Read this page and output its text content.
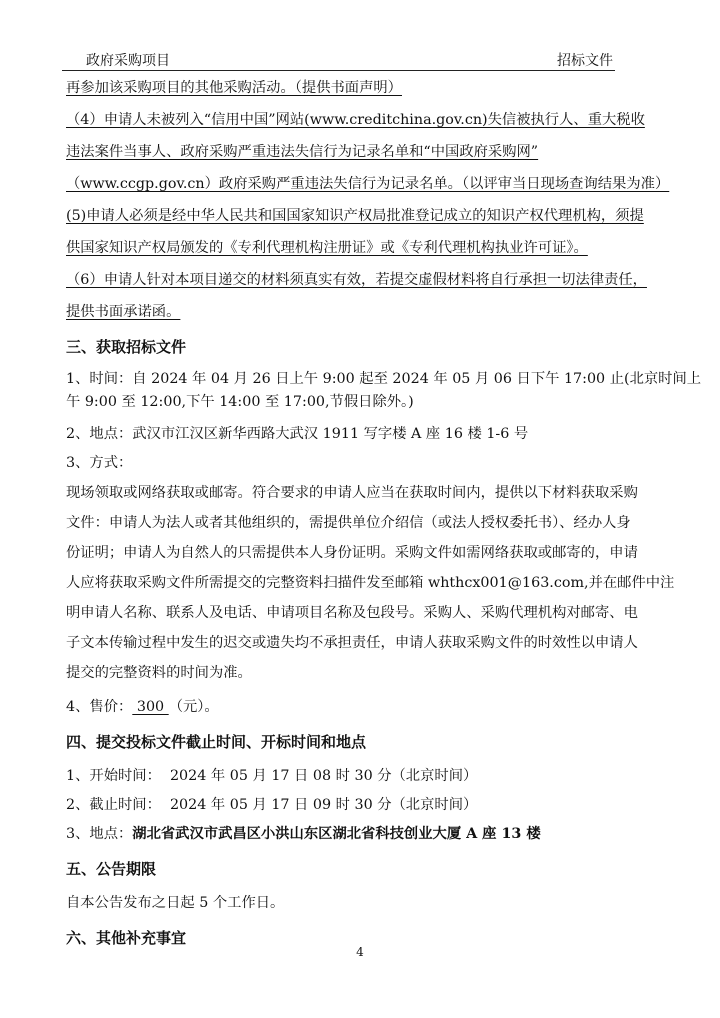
政府采购项目	招标文件
再参加该采购项目的其他采购活动。（提供书面声明）
（4）申请人未被列入“信用中国”网站(www.creditchina.gov.cn)失信被执行人、重大税收
违法案件当事人、政府采购严重违法失信行为记录名单和“中国政府采购网”
（www.ccgp.gov.cn）政府采购严重违法失信行为记录名单。（以评审当日现场查询结果为准）
(5)申请人必须是经中华人民共和国国家知识产权局批准登记成立的知识产权代理机构，须提
供国家知识产权局颁发的《专利代理机构注册证》或《专利代理机构执业许可证》。
（6）申请人针对本项目递交的材料须真实有效，若提交虚假材料将自行承担一切法律责任，
提供书面承诺函。
三、获取招标文件
1、时间：自 2024 年 04 月 26 日上午 9:00 起至 2024 年 05 月 06 日下午 17:00 止(北京时间上
午 9:00 至 12:00,下午 14:00 至 17:00,节假日除外。)
2、地点：武汉市江汉区新华西路大武汉 1911 写字楼 A 座 16 楼 1-6 号
3、方式：
现场领取或网络获取或邮寄。符合要求的申请人应当在获取时间内，提供以下材料获取采购
文件：申请人为法人或者其他组织的，需提供单位介绍信（或法人授权委托书）、经办人身
份证明；申请人为自然人的只需提供本人身份证明。采购文件如需网络获取或邮寄的，申请
人应将获取采购文件所需提交的完整资料扫描件发至邮箱 whthcx001@163.com,并在邮件中注
明申请人名称、联系人及电话、申请项目名称及包段号。采购人、采购代理机构对邮寄、电
子文本传输过程中发生的迟交或遗失均不承担责任，申请人获取采购文件的时效性以申请人
提交的完整资料的时间为准。
4、售价： 300 （元）。
四、提交投标文件截止时间、开标时间和地点
1、开始时间：  2024 年 05 月 17 日 08 时 30 分（北京时间）
2、截止时间：  2024 年 05 月 17 日 09 时 30 分（北京时间）
3、地点：湖北省武汉市武昌区小洪山东区湖北省科技创业大厦 A 座 13 楼
五、公告期限
自本公告发布之日起 5 个工作日。
六、其他补充事宜
4
